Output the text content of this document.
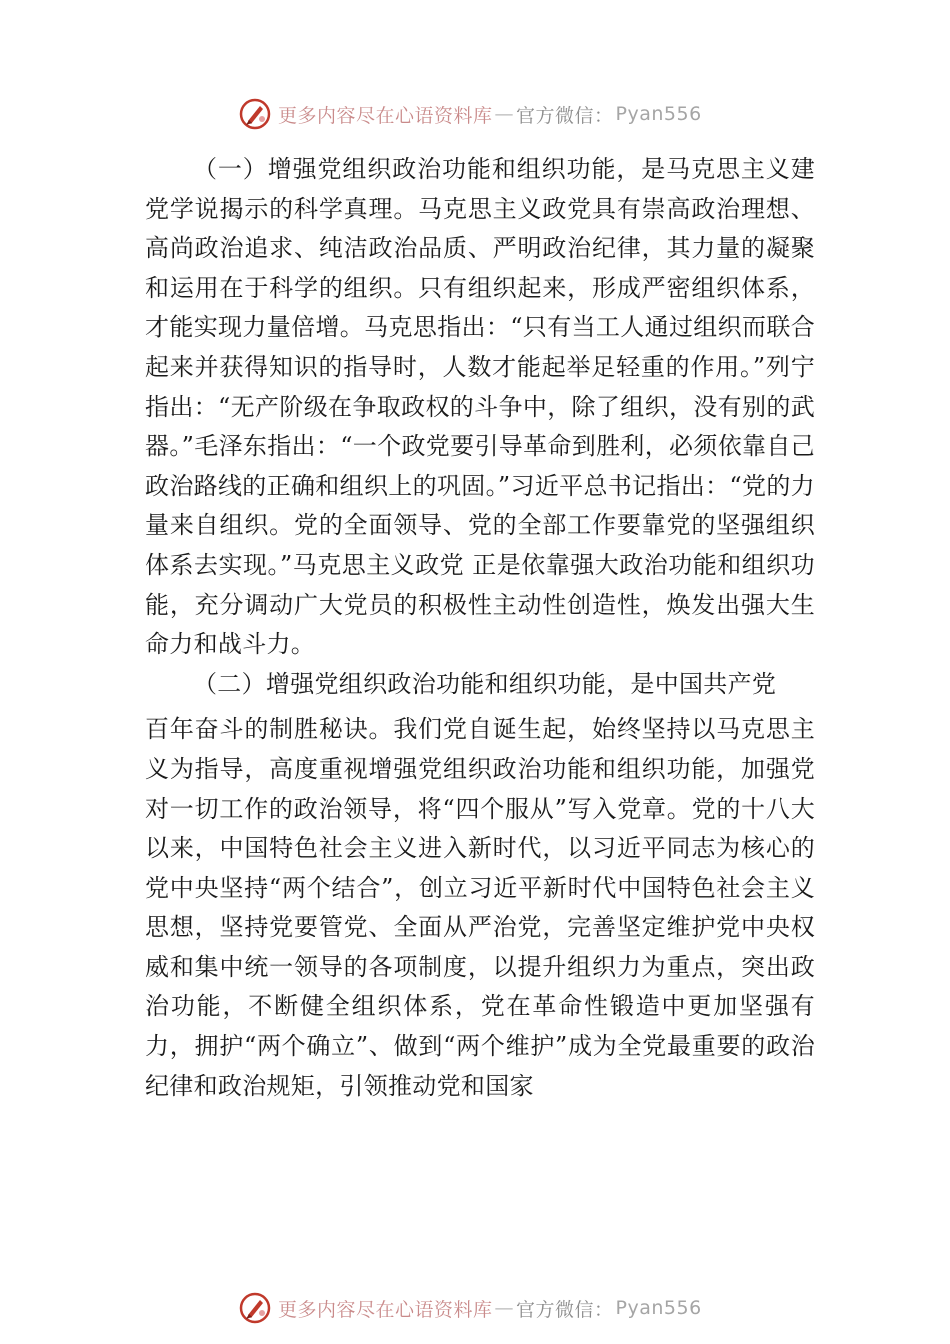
更多内容尽在心语资料库 — 官方微信： Pyan556

（一）增强党组织政治功能和组织功能，是马克思主义建党学说揭示的科学真理。马克思主义政党具有崇高政治理想、高尚政治追求、纯洁政治品质、严明政治纪律，其力量的凝聚和运用在于科学的组织。只有组织起来，形成严密组织体系，才能实现力量倍增。马克思指出：“只有当工人通过组织而联合起来并获得知识的指导时，人数才能起举足轻重的作用。”列宁指出：“无产阶级在争取政权的斗争中，除了组织，没有别的武器。”毛泽东指出：“一个政党要引导革命到胜利，必须依靠自己政治路线的正确和组织上的巩固。”习近平总书记指出：“党的力量来自组织。党的全面领导、党的全部工作要靠党的坚强组织体系去实现。”马克思主义政党 正是依靠强大政治功能和组织功能，充分调动广大党员的积极性主动性创造性，焕发出强大生命力和战斗力。

（二）增强党组织政治功能和组织功能，是中国共产党

百年奋斗的制胜秘诀。我们党自诞生起，始终坚持以马克思主义为指导，高度重视增强党组织政治功能和组织功能，加强党对一切工作的政治领导，将“四个服从”写入党章。党的十八大以来，中国特色社会主义进入新时代，以习近平同志为核心的党中央坚持“两个结合”，创立习近平新时代中国特色社会主义思想，坚持党要管党、全面从严治党，完善坚定维护党中央权威和集中统一领导的各项制度，以提升组织力为重点，突出政治功能，不断健全组织体系，党在革命性锻造中更加坚强有力，拥护“两个确立”、做到“两个维护”成为全党最重要的政治纪律和政治规矩，引领推动党和国家

更多内容尽在心语资料库 — 官方微信： Pyan556
